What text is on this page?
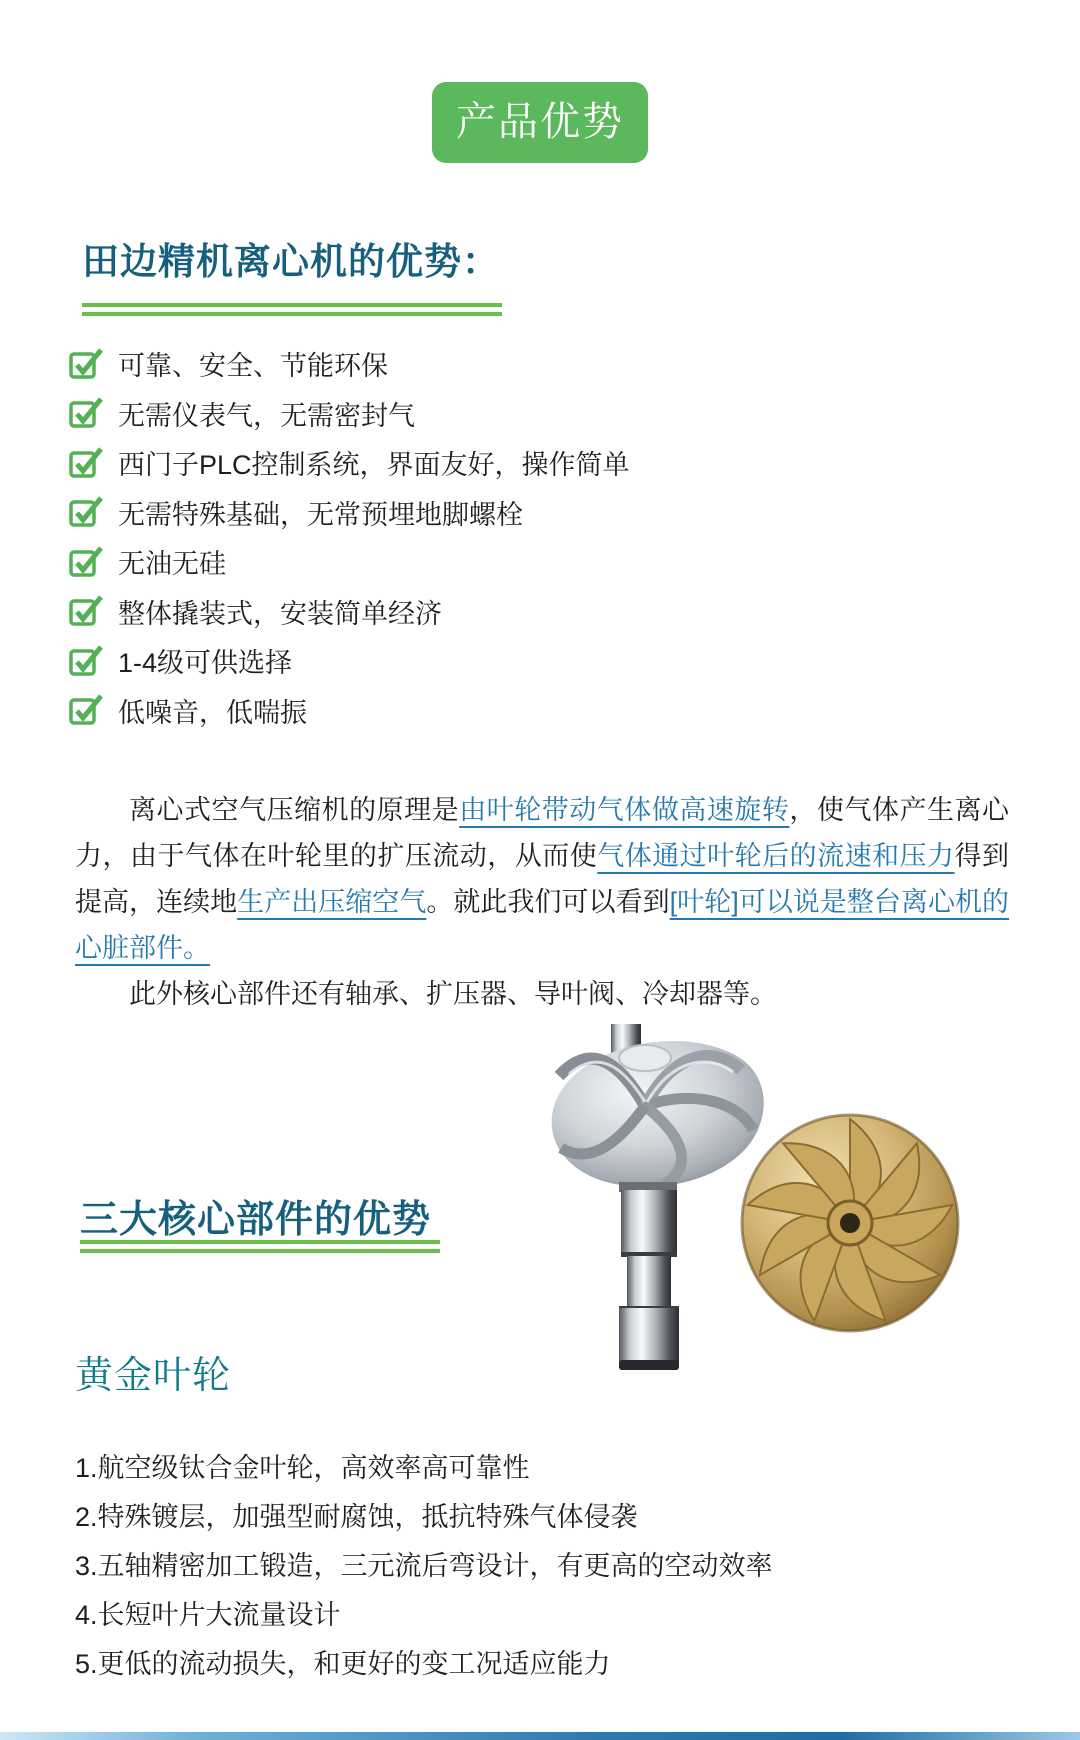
产品优势
田边精机离心机的优势：
可靠、安全、节能环保
无需仪表气，无需密封气
西门子PLC控制系统，界面友好，操作简单
无需特殊基础，无常预埋地脚螺栓
无油无硅
整体撬装式，安装简单经济
1-4级可供选择
低噪音，低喘振

离心式空气压缩机的原理是由叶轮带动气体做高速旋转，使气体产生离心力，由于气体在叶轮里的扩压流动，从而使气体通过叶轮后的流速和压力得到提高，连续地生产出压缩空气。就此我们可以看到[叶轮]可以说是整台离心机的心脏部件。

此外核心部件还有轴承、扩压器、导叶阀、冷却器等。

三大核心部件的优势
黄金叶轮
1.航空级钛合金叶轮，高效率高可靠性
2.特殊镀层，加强型耐腐蚀，抵抗特殊气体侵袭
3.五轴精密加工锻造，三元流后弯设计，有更高的空动效率
4.长短叶片大流量设计
5.更低的流动损失，和更好的变工况适应能力
